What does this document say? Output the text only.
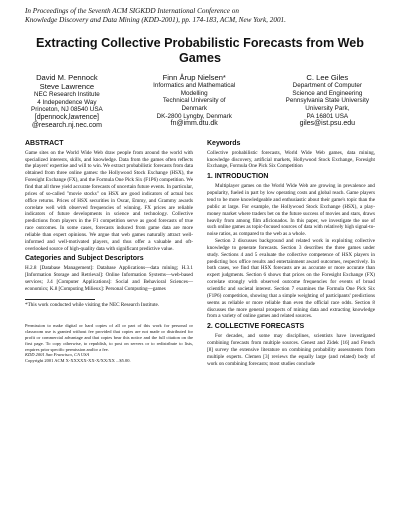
In Proceedings of the Seventh ACM SIGKDD International Conference on
Knowledge Discovery and Data Mining (KDD-2001), pp. 174-183, ACM, New York, 2001.
Extracting Collective Probabilistic Forecasts from Web
Games
David M. Pennock
Steve Lawrence
NEC Research Institute
4 Independence Way
Princeton, NJ 08540 USA
[dpennock,lawrence]
@research.nj.nec.com
Finn Årup Nielsen*
Informatics and Mathematical
Modelling
Technical University of
Denmark
DK-2800 Lyngby, Denmark
fn@imm.dtu.dk
C. Lee Giles
Department of Computer
Science and Engineering
Pennsylvania State University
University Park,
PA 16801 USA
giles@ist.psu.edu
ABSTRACT

Game sites on the World Wide Web draw people from around the world with specialized interests, skills, and knowledge. Data from the games often reflects the players' expertise and will to win. We extract probabilistic forecasts from data obtained from three online games: the Hollywood Stock Exchange (HSX), the Foresight Exchange (FX), and the Formula One Pick Six (F1P6) competition. We find that all three yield accurate forecasts of uncertain future events. In particular, prices of so-called "movie stocks" on HSX are good indicators of actual box office returns. Prices of HSX securities in Oscar, Emmy, and Grammy awards correlate well with observed frequencies of winning. FX prices are reliable indicators of future developments in science and technology. Collective predictions from players in the F1 competition serve as good forecasts of true race outcomes. In some cases, forecasts induced from game data are more reliable than expert opinions. We argue that web games naturally attract well-informed and well-motivated players, and thus offer a valuable and oft-overlooked source of high-quality data with significant predictive value.

Categories and Subject Descriptors

H.2.8 [Database Management]: Database Applications—data mining; H.3.1 [Information Storage and Retrieval]: Online Information Systems—web-based services; J.4 [Computer Applications]: Social and Behavioral Sciences—economics; K.8 [Computing Milieux]: Personal Computing—games

*This work conducted while visiting the NEC Research Institute.

Permission to make digital or hard copies of all or part of this work for personal or classroom use is granted without fee provided that copies are not made or distributed for profit or commercial advantage and that copies bear this notice and the full citation on the first page. To copy otherwise, to republish, to post on servers or to redistribute to lists, requires prior specific permission and/or a fee.

KDD 2001 San Francisco, CA USA

Copyright 2001 ACM X-XXXXX-XX-X/XX/XX ...$5.00.

Keywords

Collective probabilistic forecasts, World Wide Web games, data mining, knowledge discovery, artificial markets, Hollywood Stock Exchange, Foresight Exchange, Formula One Pick Six Competition

1. INTRODUCTION

Multiplayer games on the World Wide Web are growing in prevalence and popularity, fueled in part by low operating costs and global reach. Game players tend to be more knowledgeable and enthusiastic about their game's topic than the public at large. For example, the Hollywood Stock Exchange (HSX), a play-money market where traders bet on the future success of movies and stars, draws heavily from among film aficionados. In this paper, we investigate the use of such online games as topic-focused sources of data with relatively high signal-to-noise ratios, as compared to the web as a whole.

Section 2 discusses background and related work in exploiting collective knowledge to generate forecasts. Section 3 describes the three games under study. Sections 4 and 5 evaluate the collective competence of HSX players in predicting box office results and entertainment award outcomes, respectively. In both cases, we find that HSX forecasts are as accurate or more accurate than expert judgments. Section 6 shows that prices on the Foresight Exchange (FX) correlate strongly with observed outcome frequencies for events of broad scientific and societal interest. Section 7 examines the Formula One Pick Six (F1P6) competition, showing that a simple weighting of participants' predictions seems as reliable or more reliable than even the official race odds. Section 8 discusses the more general prospects of mining data and extracting knowledge from a variety of online games and related sources.

2. COLLECTIVE FORECASTS

For decades, and some may disciplines, scientists have investigated combining forecasts from multiple sources. Genest and Zidek [16] and French [8] survey the extensive literature on combining probability assessments from multiple experts. Clemen [3] reviews the equally large (and related) body of work on combining forecasts; most studies conclude
